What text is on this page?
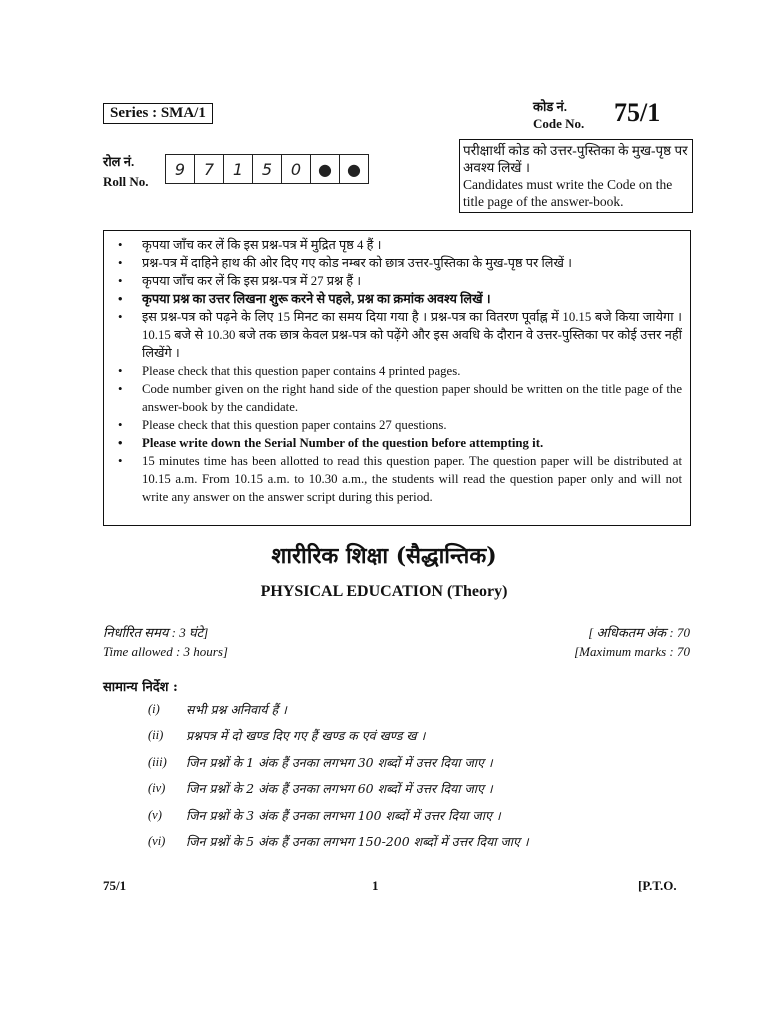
Series : SMA/1	कोड नं.
Code No. 75/1
रोल नं.
Roll No.
9	7	1	5	0	● ●
परीक्षार्थी कोड को उत्तर-पुस्तिका के मुख-पृष्ठ पर अवश्य लिखें ।
Candidates must write the Code on the title page of the answer-book.
• कृपया जाँच कर लें कि इस प्रश्न-पत्र में मुद्रित पृष्ठ 4 हैं ।
• प्रश्न-पत्र में दाहिने हाथ की ओर दिए गए कोड नम्बर को छात्र उत्तर-पुस्तिका के मुख-पृष्ठ पर लिखें ।
• कृपया जाँच कर लें कि इस प्रश्न-पत्र में 27 प्रश्न हैं ।
• कृपया प्रश्न का उत्तर लिखना शुरू करने से पहले, प्रश्न का क्रमांक अवश्य लिखें ।
• इस प्रश्न-पत्र को पढ़ने के लिए 15 मिनट का समय दिया गया है । प्रश्न-पत्र का वितरण पूर्वाह्न में 10.15 बजे किया जायेगा । 10.15 बजे से 10.30 बजे तक छात्र केवल प्रश्न-पत्र को पढ़ेंगे और इस अवधि के दौरान वे उत्तर-पुस्तिका पर कोई उत्तर नहीं लिखेंगे ।
• Please check that this question paper contains 4 printed pages.
• Code number given on the right hand side of the question paper should be written on the title page of the answer-book by the candidate.
• Please check that this question paper contains 27 questions.
• Please write down the Serial Number of the question before attempting it.
• 15 minutes time has been allotted to read this question paper. The question paper will be distributed at 10.15 a.m. From 10.15 a.m. to 10.30 a.m., the students will read the question paper only and will not write any answer on the answer script during this period.
शारीरिक शिक्षा (सैद्धान्तिक)
PHYSICAL EDUCATION (Theory)
निर्धारित समय : 3 घंटे]
Time allowed : 3 hours]
[ अधिकतम अंक : 70
[Maximum marks : 70
सामान्य निर्देश :
(i)	सभी प्रश्न अनिवार्य हैं ।
(ii)	प्रश्नपत्र में दो खण्ड दिए गए हैं खण्ड क एवं खण्ड ख ।
(iii)	जिन प्रश्नों के 1 अंक हैं उनका लगभग 30 शब्दों में उत्तर दिया जाए ।
(iv)	जिन प्रश्नों के 2 अंक हैं उनका लगभग 60 शब्दों में उत्तर दिया जाए ।
(v)	जिन प्रश्नों के 3 अंक हैं उनका लगभग 100 शब्दों में उत्तर दिया जाए ।
(vi)	जिन प्रश्नों के 5 अंक हैं उनका लगभग 150-200 शब्दों में उत्तर दिया जाए ।
75/1	1	[P.T.O.
